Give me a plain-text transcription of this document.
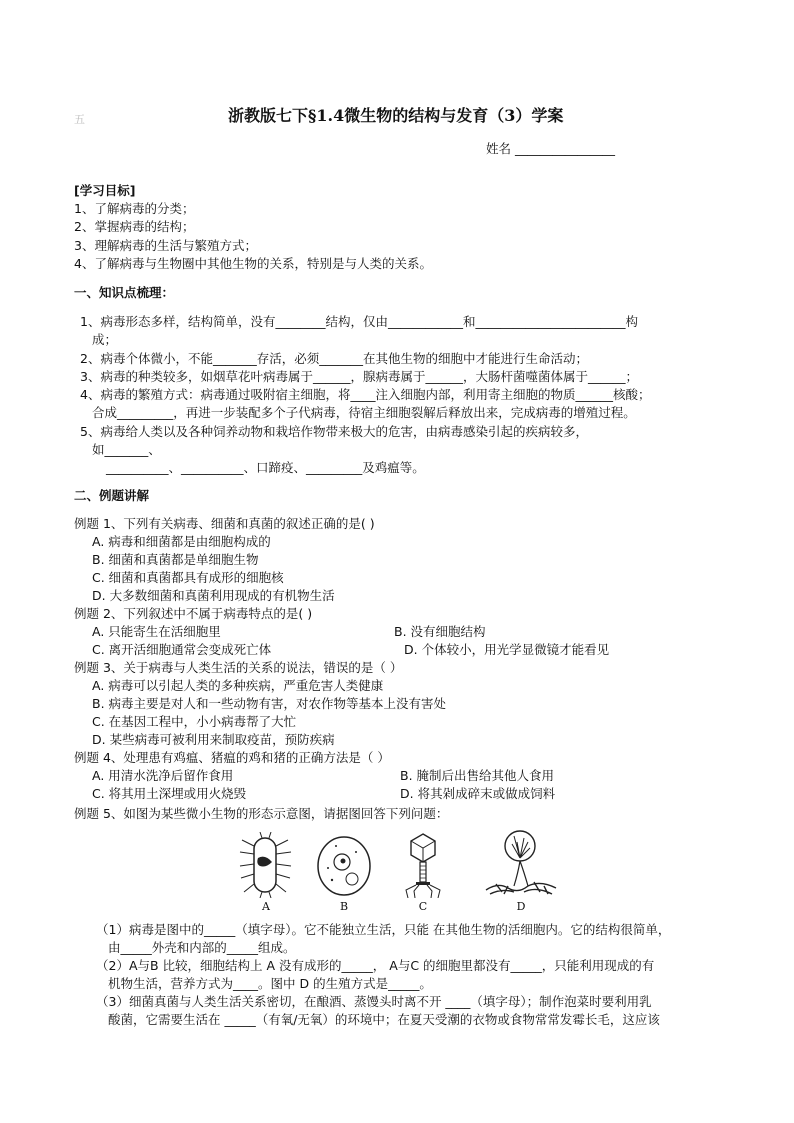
五	浙教版七下§1.4微生物的结构与发育（3）学案
姓名 ________________
[学习目标]
1、了解病毒的分类；
2、掌握病毒的结构；
3、理解病毒的生活与繁殖方式；
4、了解病毒与生物圈中其他生物的关系，特别是与人类的关系。
一、知识点梳理：
1、病毒形态多样，结构简单，没有________结构，仅由____________和________________________构
成；
2、病毒个体微小，不能_______存活，必须_______在其他生物的细胞中才能进行生命活动；
3、病毒的种类较多，如烟草花叶病毒属于______，腺病毒属于______，大肠杆菌噬菌体属于______；
4、病毒的繁殖方式：病毒通过吸附宿主细胞，将____注入细胞内部，利用寄主细胞的物质______核酸；
合成_________，再进一步装配多个子代病毒，待宿主细胞裂解后释放出来，完成病毒的增殖过程。
5、病毒给人类以及各种饲养动物和栽培作物带来极大的危害，由病毒感染引起的疾病较多，
如_______、
__________、__________、口蹄疫、_________及鸡瘟等。
二、例题讲解
例题 1、下列有关病毒、细菌和真菌的叙述正确的是( )
A. 病毒和细菌都是由细胞构成的
B. 细菌和真菌都是单细胞生物
C. 细菌和真菌都具有成形的细胞核
D. 大多数细菌和真菌利用现成的有机物生活
例题 2、下列叙述中不属于病毒特点的是( )
A. 只能寄生在活细胞里	B. 没有细胞结构
C. 离开活细胞通常会变成死亡体	D. 个体较小，用光学显微镜才能看见
例题 3、关于病毒与人类生活的关系的说法，错误的是（ ）
A. 病毒可以引起人类的多种疾病，严重危害人类健康
B. 病毒主要是对人和一些动物有害，对农作物等基本上没有害处
C. 在基因工程中，小小病毒帮了大忙
D. 某些病毒可被利用来制取疫苗，预防疾病
例题 4、处理患有鸡瘟、猪瘟的鸡和猪的正确方法是（ ）
A. 用清水洗净后留作食用	B. 腌制后出售给其他人食用
C. 将其用土深埋或用火烧毁	D. 将其剁成碎末或做成饲料
例题 5、如图为某些微小生物的形态示意图，请据图回答下列问题：
A	B	C	D
（1）病毒是图中的_____（填字母）。它不能独立生活，只能 在其他生物的活细胞内。它的结构很简单，
由_____外壳和内部的_____组成。
（2）A与B 比较，细胞结构上 A 没有成形的_____， A与C 的细胞里都没有_____，只能利用现成的有
机物生活，营养方式为____。图中 D 的生殖方式是_____。
（3）细菌真菌与人类生活关系密切，在酿酒、蒸馒头时离不开 ____（填字母）；制作泡菜时要利用乳
酸菌，它需要生活在 _____（有氧/无氧）的环境中；在夏天受潮的衣物或食物常常发霉长毛，这应该
